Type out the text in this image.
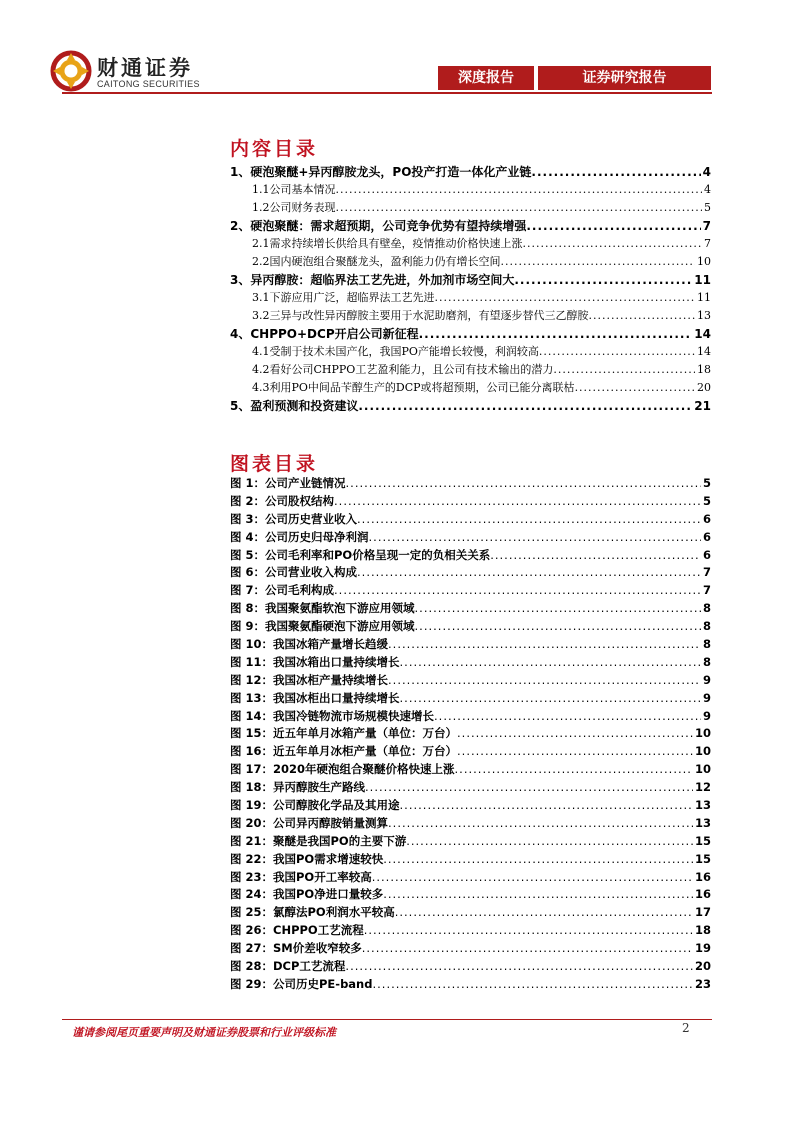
财通证券
CAITONG SECURITIES	深度报告	证券研究报告
内容目录
1、 硬泡聚醚+异丙醇胺龙头，PO投产打造一体化产业链 .....	4
1.1 公司基本情况 .....	4
1.2 公司财务表现 .....	5
2、 硬泡聚醚：需求超预期，公司竞争优势有望持续增强 .....	7
2.1 需求持续增长供给具有壁垒，疫情推动价格快速上涨 .....	7
2.2 国内硬泡组合聚醚龙头，盈利能力仍有增长空间 .....	10
3、 异丙醇胺：超临界法工艺先进，外加剂市场空间大 .....	11
3.1 下游应用广泛，超临界法工艺先进 .....	11
3.2 三异与改性异丙醇胺主要用于水泥助磨剂，有望逐步替代三乙醇胺 .....	13
4、 CHPPO+DCP开启公司新征程 .....	14
4.1 受制于技术未国产化，我国PO产能增长较慢，利润较高 .....	14
4.2 看好公司CHPPO工艺盈利能力，且公司有技术输出的潜力 .....	18
4.3 利用PO中间品苄醇生产的DCP或将超预期，公司已能分离联枯 .....	20
5、 盈利预测和投资建议 .....	21
图表目录
图 1：公司产业链情况 .....	5
图 2：公司股权结构 .....	5
图 3：公司历史营业收入 .....	6
图 4：公司历史归母净利润 .....	6
图 5：公司毛利率和PO价格呈现一定的负相关关系 .....	6
图 6：公司营业收入构成 .....	7
图 7：公司毛利构成 .....	7
图 8：我国聚氨酯软泡下游应用领域 .....	8
图 9：我国聚氨酯硬泡下游应用领域 .....	8
图 10：我国冰箱产量增长趋缓 .....	8
图 11：我国冰箱出口量持续增长 .....	8
图 12：我国冰柜产量持续增长 .....	9
图 13：我国冰柜出口量持续增长 .....	9
图 14：我国冷链物流市场规模快速增长 .....	9
图 15：近五年单月冰箱产量（单位：万台） .....	10
图 16：近五年单月冰柜产量（单位：万台） .....	10
图 17：2020年硬泡组合聚醚价格快速上涨 .....	10
图 18：异丙醇胺生产路线 .....	12
图 19：公司醇胺化学品及其用途 .....	13
图 20：公司异丙醇胺销量测算 .....	13
图 21：聚醚是我国PO的主要下游 .....	15
图 22：我国PO需求增速较快 .....	15
图 23：我国PO开工率较高 .....	16
图 24：我国PO净进口量较多 .....	16
图 25：氯醇法PO利润水平较高 .....	17
图 26：CHPPO工艺流程 .....	18
图 27：SM价差收窄较多 .....	19
图 28：DCP工艺流程 .....	20
图 29：公司历史PE-band .....	23
谨请参阅尾页重要声明及财通证券股票和行业评级标准	2
